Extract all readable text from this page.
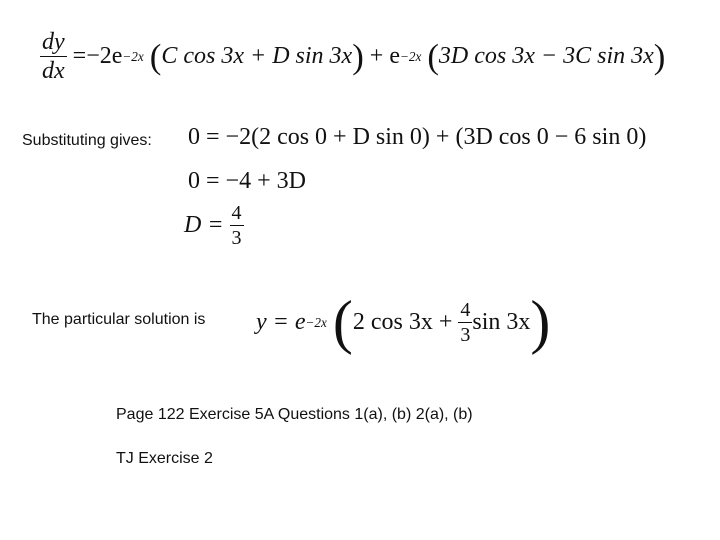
$\frac{dy}{dx} =-2e-2x$ (C cos 3x + D sin 3x) + e−2x (3D cos 3x − 3C sin 3x)
Substituting gives: 0 = −2(2 cos 0 + D sin 0) + (3D cos 0 − 6 sin 0)
0 = −4 + 3D
$D = \frac{4}{3}$
The particular solution is y = e−2x (2 $\cos 3x + \frac{4}{3}$ sin 3x)
Page 122 Exercise 5A Questions 1(a), (b) 2(a), (b)
TJ Exercise 2
